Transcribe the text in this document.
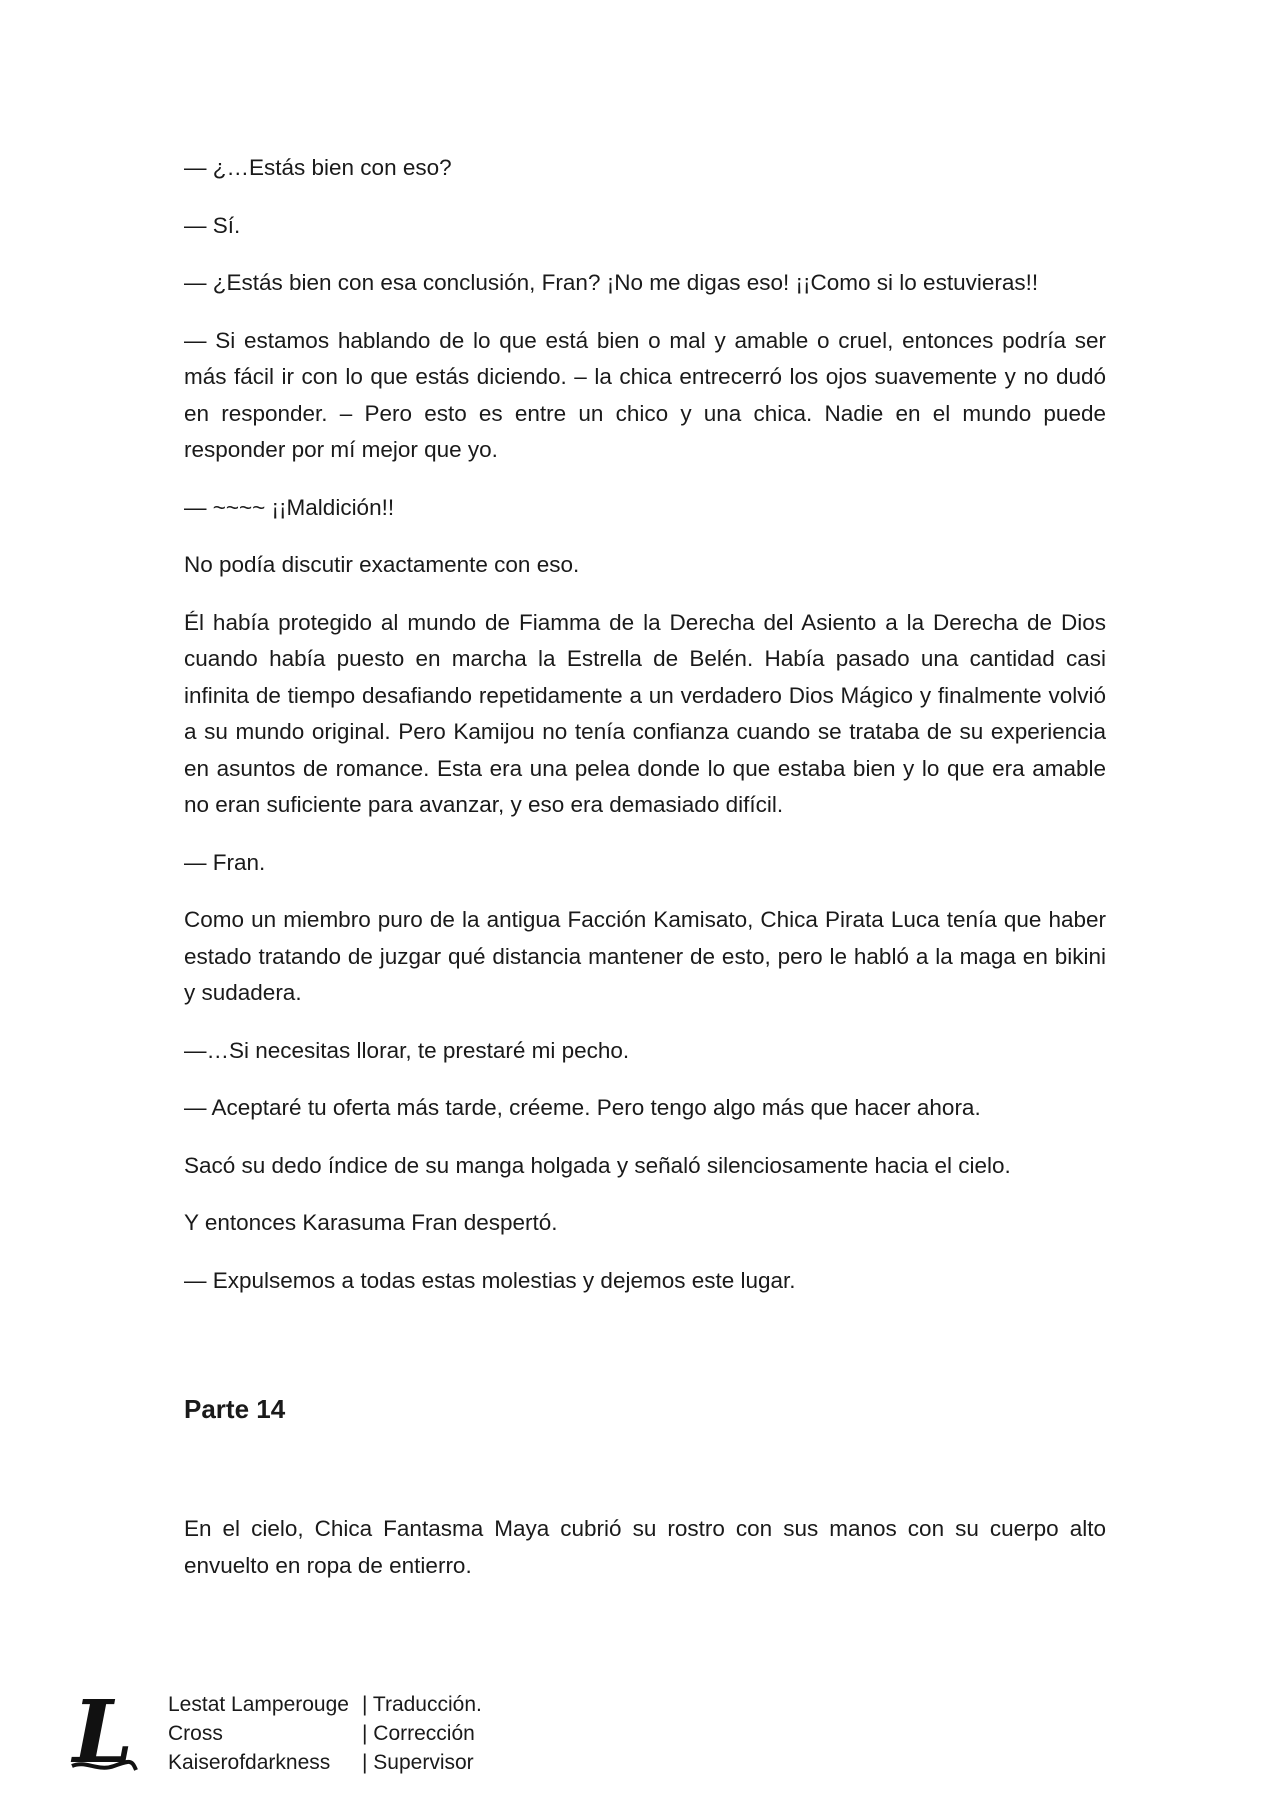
— ¿…Estás bien con eso?

— Sí.

— ¿Estás bien con esa conclusión, Fran? ¡No me digas eso! ¡¡Como si lo estuvieras!!

— Si estamos hablando de lo que está bien o mal y amable o cruel, entonces podría ser más fácil ir con lo que estás diciendo. – la chica entrecerró los ojos suavemente y no dudó en responder. – Pero esto es entre un chico y una chica. Nadie en el mundo puede responder por mí mejor que yo.

— ~~~~ ¡¡Maldición!!

No podía discutir exactamente con eso.

Él había protegido al mundo de Fiamma de la Derecha del Asiento a la Derecha de Dios cuando había puesto en marcha la Estrella de Belén. Había pasado una cantidad casi infinita de tiempo desafiando repetidamente a un verdadero Dios Mágico y finalmente volvió a su mundo original. Pero Kamijou no tenía confianza cuando se trataba de su experiencia en asuntos de romance. Esta era una pelea donde lo que estaba bien y lo que era amable no eran suficiente para avanzar, y eso era demasiado difícil.

— Fran.

Como un miembro puro de la antigua Facción Kamisato, Chica Pirata Luca tenía que haber estado tratando de juzgar qué distancia mantener de esto, pero le habló a la maga en bikini y sudadera.

—…Si necesitas llorar, te prestaré mi pecho.

— Aceptaré tu oferta más tarde, créeme. Pero tengo algo más que hacer ahora.

Sacó su dedo índice de su manga holgada y señaló silenciosamente hacia el cielo.

Y entonces Karasuma Fran despertó.

— Expulsemos a todas estas molestias y dejemos este lugar.

Parte 14

En el cielo, Chica Fantasma Maya cubrió su rostro con sus manos con su cuerpo alto envuelto en ropa de entierro.

L Lestat Lamperouge | Traducción.
Cross	| Corrección
Kaiserofdarkness	| Supervisor
